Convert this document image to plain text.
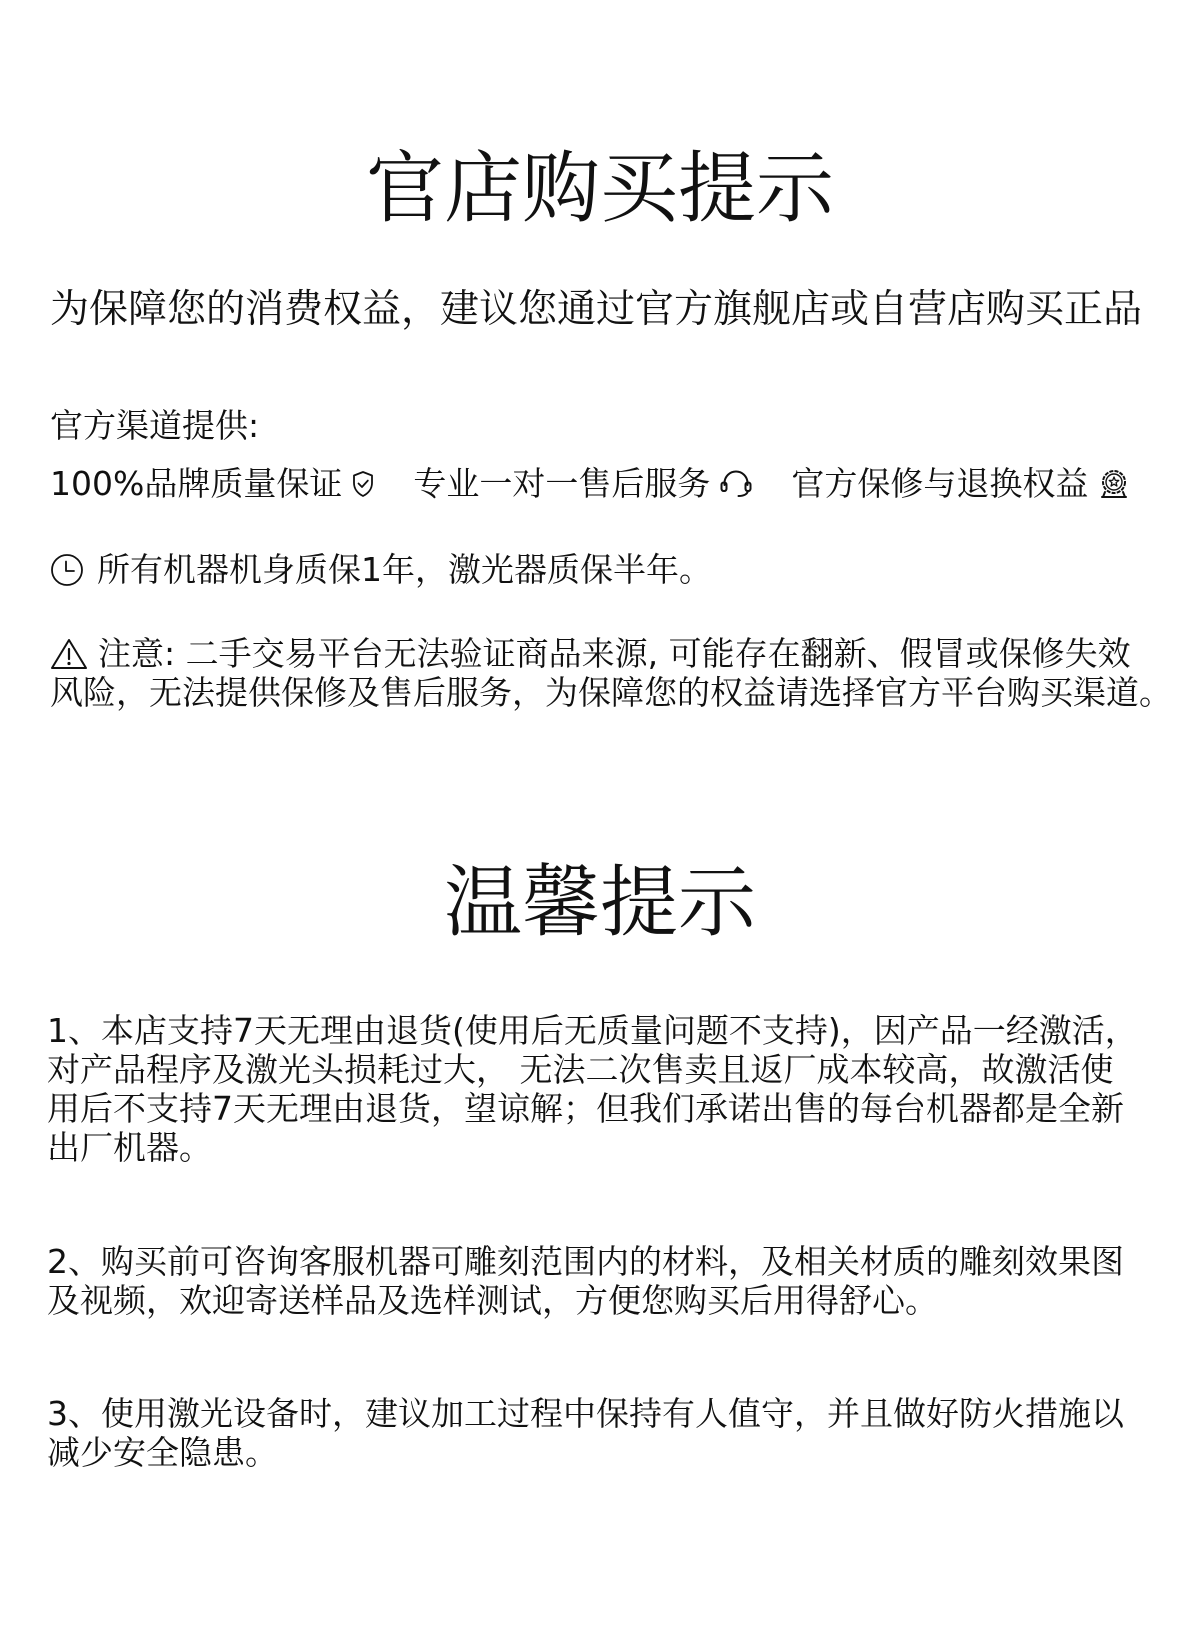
官店购买提示
为保障您的消费权益，建议您通过官方旗舰店或自营店购买正品
官方渠道提供:
100%品牌质量保证 专业一对一售后服务 官方保修与退换权益
所有机器机身质保1年，激光器质保半年。
注意: 二手交易平台无法验证商品来源, 可能存在翻新、假冒或保修失效
风险，无法提供保修及售后服务，为保障您的权益请选择官方平台购买渠道。
温馨提示
1、本店支持7天无理由退货(使用后无质量问题不支持)，因产品一经激活，
对产品程序及激光头损耗过大， 无法二次售卖且返厂成本较高，故激活使
用后不支持7天无理由退货，望谅解；但我们承诺出售的每台机器都是全新
出厂机器。
2、购买前可咨询客服机器可雕刻范围内的材料，及相关材质的雕刻效果图
及视频，欢迎寄送样品及选样测试，方便您购买后用得舒心。
3、使用激光设备时，建议加工过程中保持有人值守，并且做好防火措施以
减少安全隐患。
